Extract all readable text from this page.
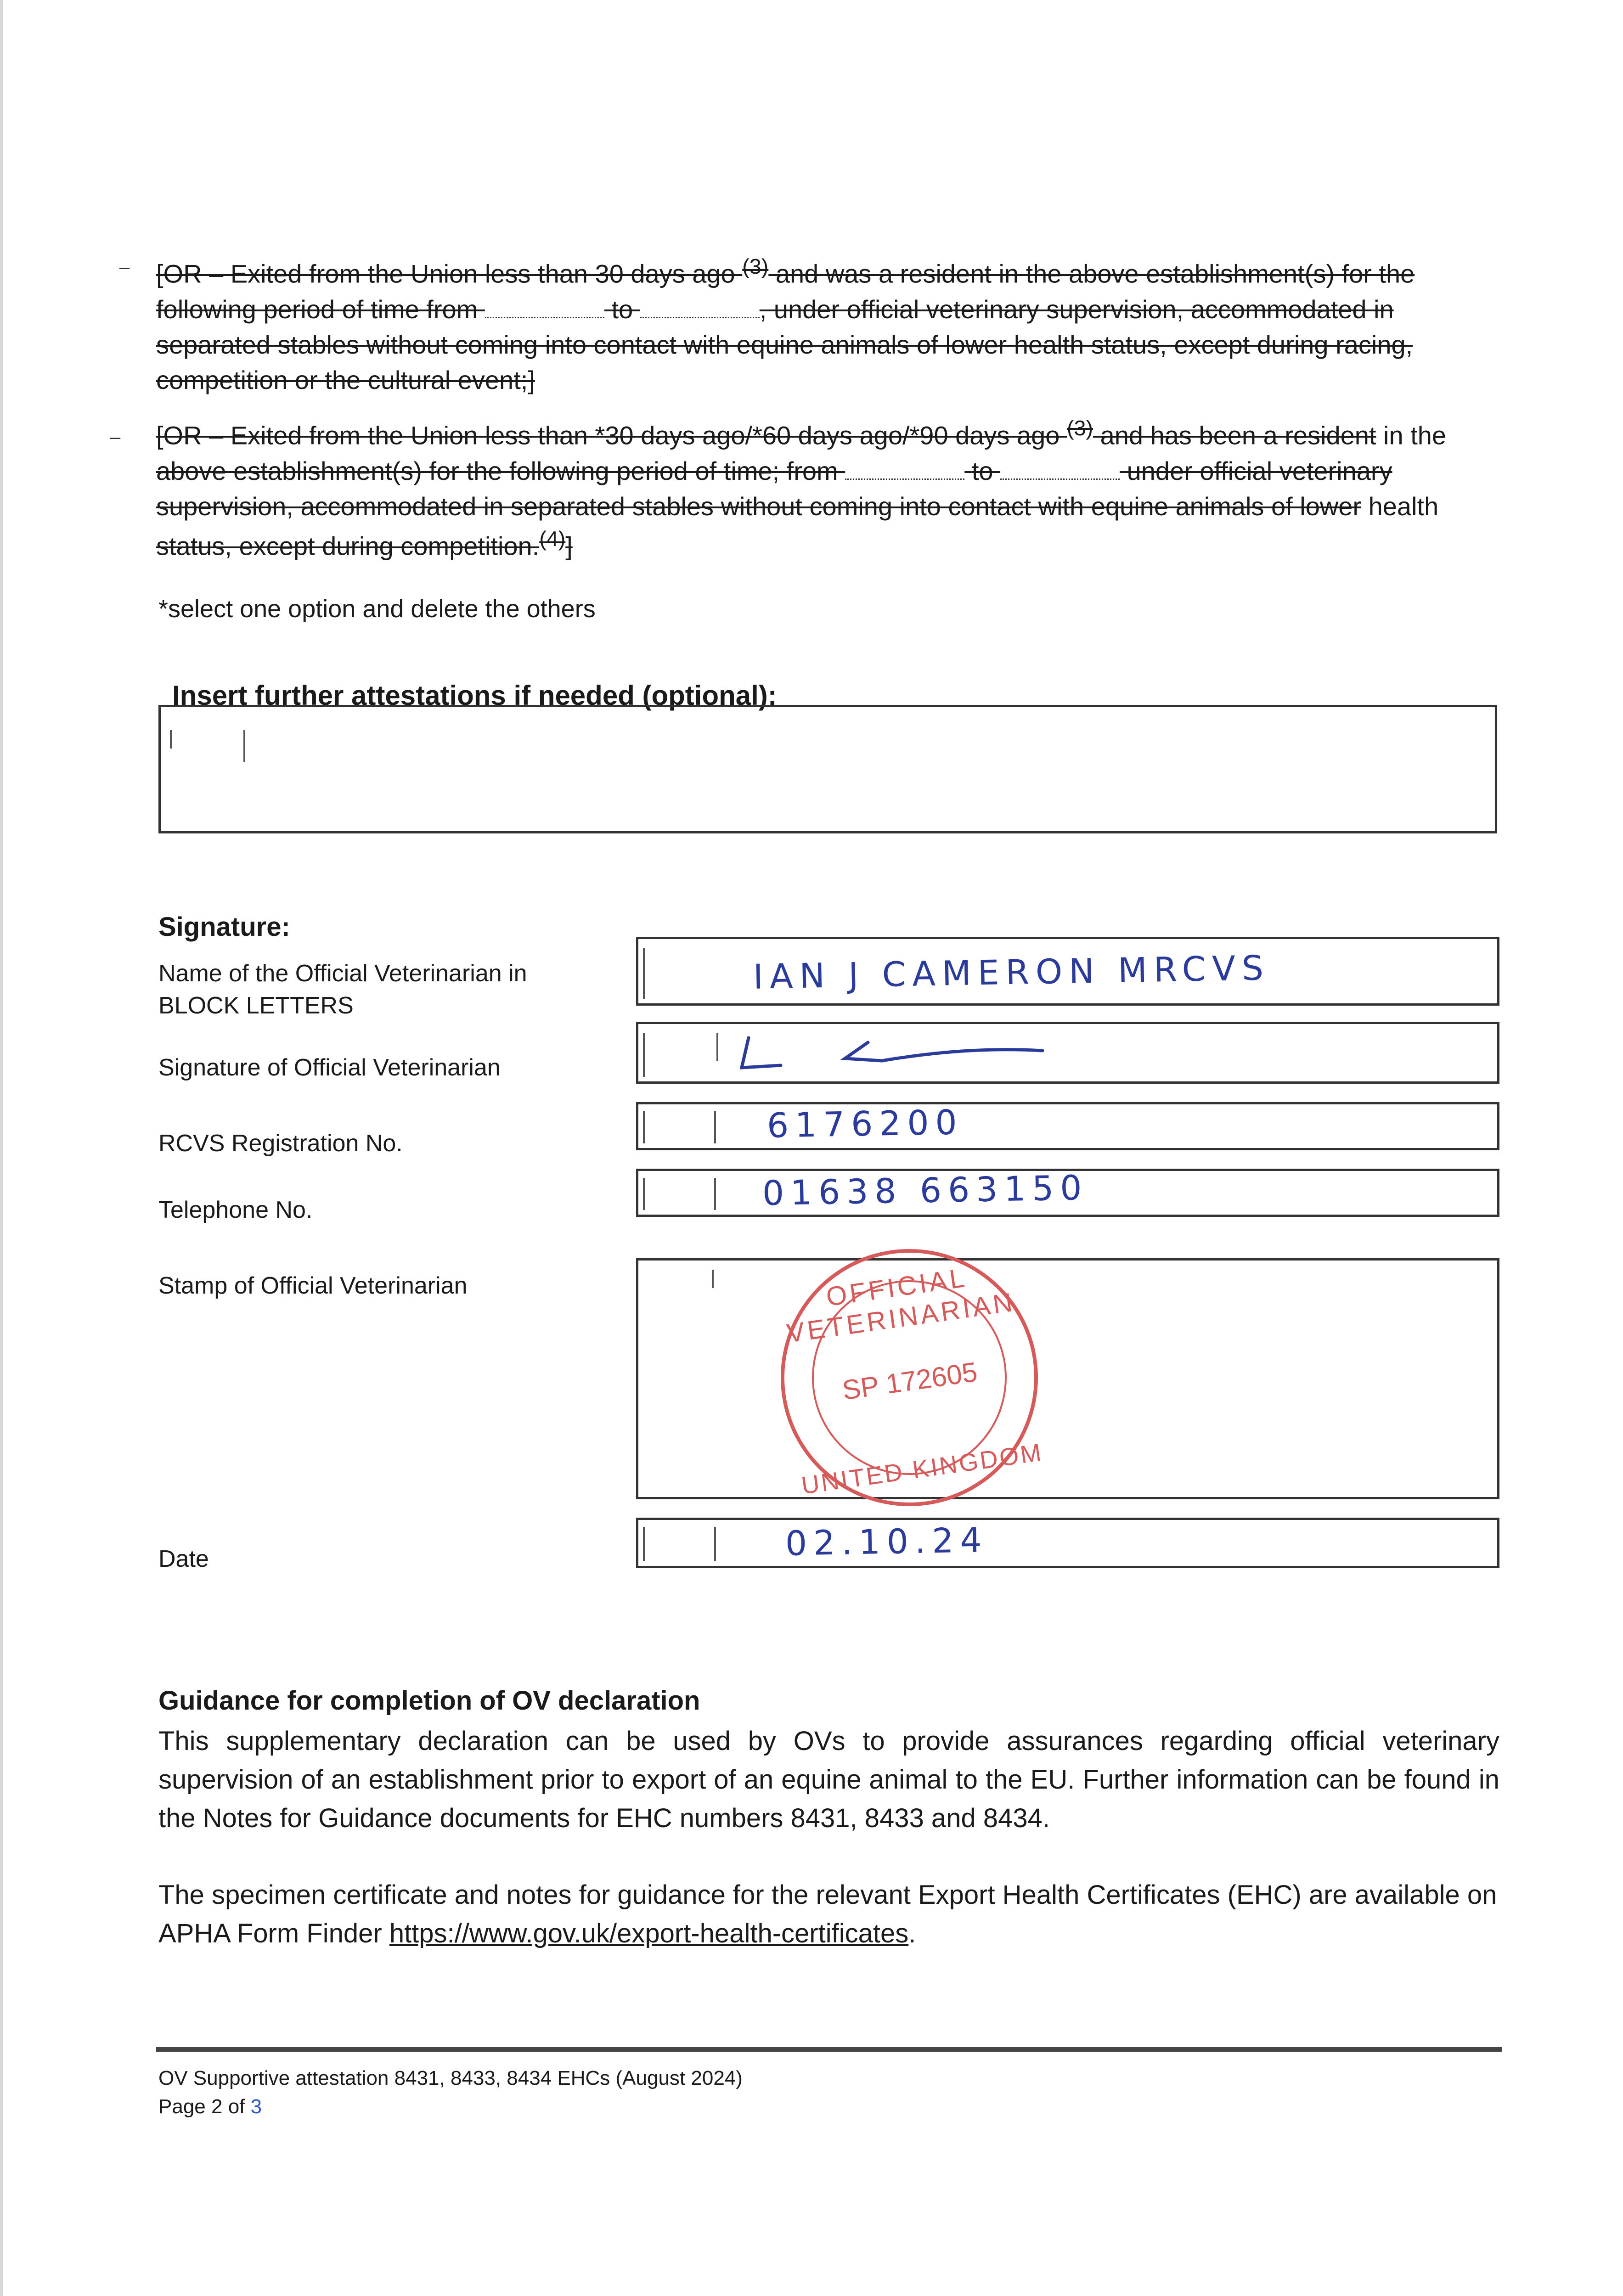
– [OR – Exited from the Union less than 30 days ago $^{(3)}$ and was a resident in the above establishment(s) for the
following period of time from	to	, under official veterinary supervision, accommodated in
separated stables without coming into contact with equine animals of lower health status, except during racing,
competition or the cultural event;]
– [OR – Exited from the Union less than *30 days ago/*60 days ago/*90 days ago $^{(3)}$ and has been a resident in the
above establishment(s) for the following period of time; from	to	under official veterinary
supervision, accommodated in separated stables without coming into contact with equine animals of lower health
status, except during competition.$^{(4)}$]
*select one option and delete the others
Insert further attestations if needed (optional):
Signature:
Name of the Official Veterinarian in
BLOCK LETTERS
IAN J CAMERON MRCVS
Signature of Official Veterinarian
RCVS Registration No.	6176200
Telephone No.	01638 663150
Stamp of Official Veterinarian	OFFICIAL VETERINARIAN
SP 172605
UNITED KINGDOM
Date	02.10.24
Guidance for completion of OV declaration
This supplementary declaration can be used by OVs to provide assurances regarding official veterinary supervision of an establishment prior to export of an equine animal to the EU. Further information can be found in the Notes for Guidance documents for EHC numbers 8431, 8433 and 8434.
The specimen certificate and notes for guidance for the relevant Export Health Certificates (EHC) are available on APHA Form Finder https://www.gov.uk/export-health-certificates.
OV Supportive attestation 8431, 8433, 8434 EHCs (August 2024)
Page 2 of 3
